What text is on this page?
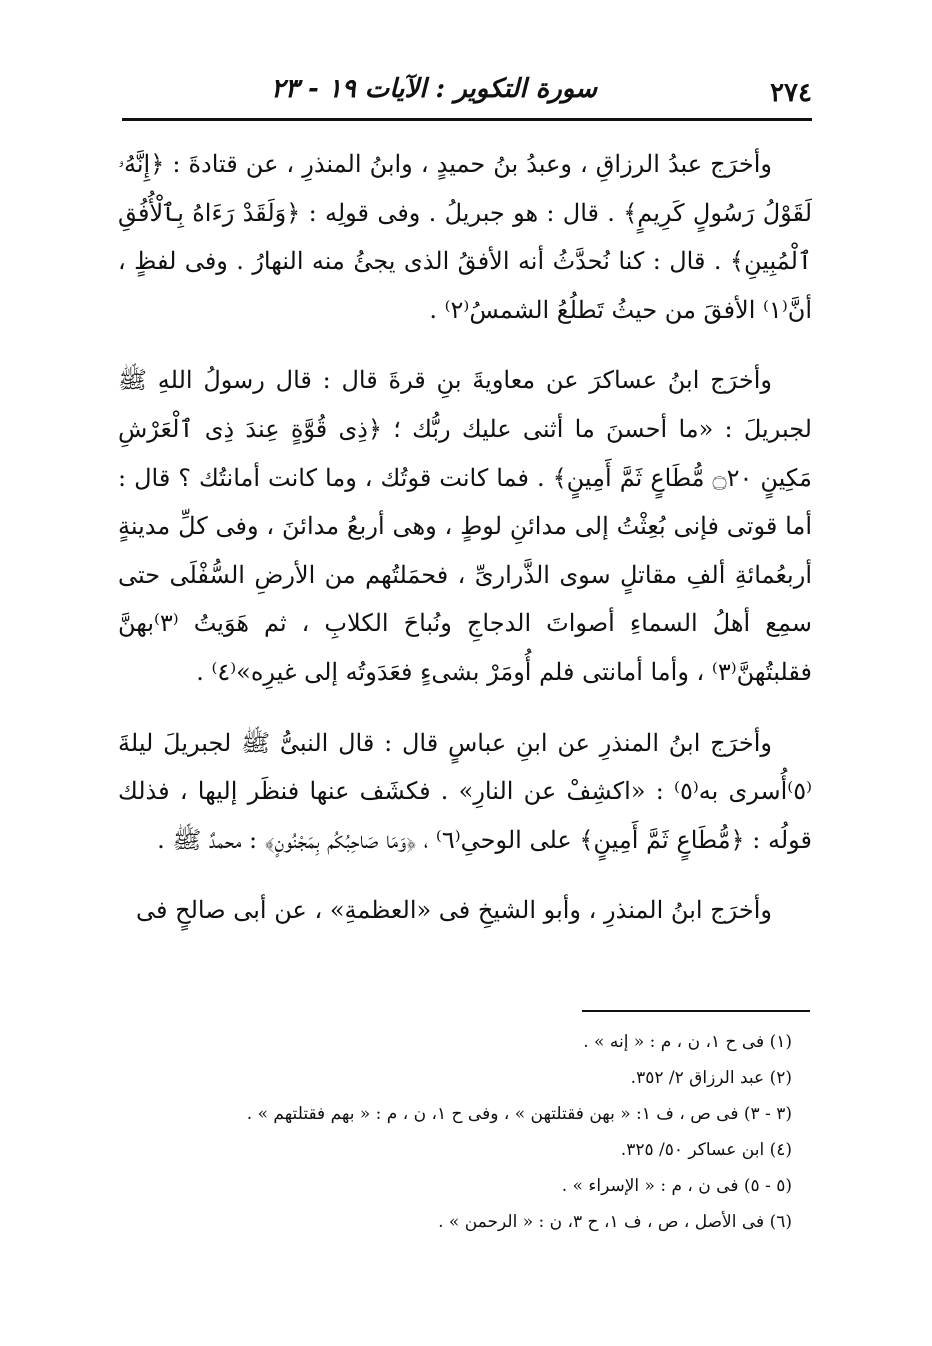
٢٧٤
سورة التكوير : الآيات ١٩ - ٢٣

وأخرَج عبدُ الرزاقِ ، وعبدُ بنُ حميدٍ ، وابنُ المنذرِ ، عن قتادةَ : ﴿إِنَّهُۥ لَقَوْلُ رَسُولٍ كَرِيمٍ﴾ . قال : هو جبريلُ . وفى قولِه : ﴿وَلَقَدْ رَءَاهُ بِٱلْأُفُقِ ٱلْمُبِينِ﴾ . قال : كنا نُحدَّثُ أنه الأفقُ الذى يجئُ منه النهارُ . وفى لفظٍ ، أنَّ⁽١⁾ الأفقَ من حيثُ تَطلُعُ الشمسُ⁽٢⁾ .

وأخرَج ابنُ عساكرَ عن معاويةَ بنِ قرةَ قال : قال رسولُ اللهِ ﷺ لجبريلَ : «ما أحسنَ ما أثنى عليك ربُّك ؛ ﴿ذِى قُوَّةٍ عِندَ ذِى ٱلْعَرْشِ مَكِينٍ ۝٢٠ مُّطَاعٍ ثَمَّ أَمِينٍ﴾ . فما كانت قوتُك ، وما كانت أمانتُك ؟ قال : أما قوتى فإنى بُعِثْتُ إلى مدائنِ لوطٍ ، وهى أربعُ مدائنَ ، وفى كلِّ مدينةٍ أربعُمائةِ ألفِ مقاتلٍ سوى الذَّرارىِّ ، فحمَلتُهم من الأرضِ السُّفْلَى حتى سمِع أهلُ السماءِ أصواتَ الدجاجِ ونُباحَ الكلابِ ، ثم هَوَيتُ ⁽٣⁾بهنَّ فقلبتُهنَّ⁽٣⁾ ، وأما أمانتى فلم أُومَرْ بشىءٍ فعَدَوتُه إلى غيرِه»⁽٤⁾ .

وأخرَج ابنُ المنذرِ عن ابنِ عباسٍ قال : قال النبىُّ ﷺ لجبريلَ ليلةَ ⁽٥⁾أُسرى به⁽٥⁾ : «اكشِفْ عن النارِ» . فكشَف عنها فنظَر إليها ، فذلك قولُه : ﴿مُّطَاعٍ ثَمَّ أَمِينٍ﴾ على الوحىِ⁽٦⁾ ، ﴿وَمَا صَاحِبُكُم بِمَجْنُونٍ﴾ : محمدٌ ﷺ .

وأخرَج ابنُ المنذرِ ، وأبو الشيخِ فى «العظمةِ» ، عن أبى صالحٍ فى

(١) فى ح ١، ن ، م : « إنه » .

(٢) عبد الرزاق ٢/ ٣٥٢.

(٣ - ٣) فى ص ، ف ١: « بهن فقتلتهن » ، وفى ح ١، ن ، م : « بهم فقتلتهم » .

(٤) ابن عساكر ٥٠/ ٣٢٥.

(٥ - ٥) فى ن ، م : « الإسراء » .

(٦) فى الأصل ، ص ، ف ١، ح ٣، ن : « الرحمن » .
